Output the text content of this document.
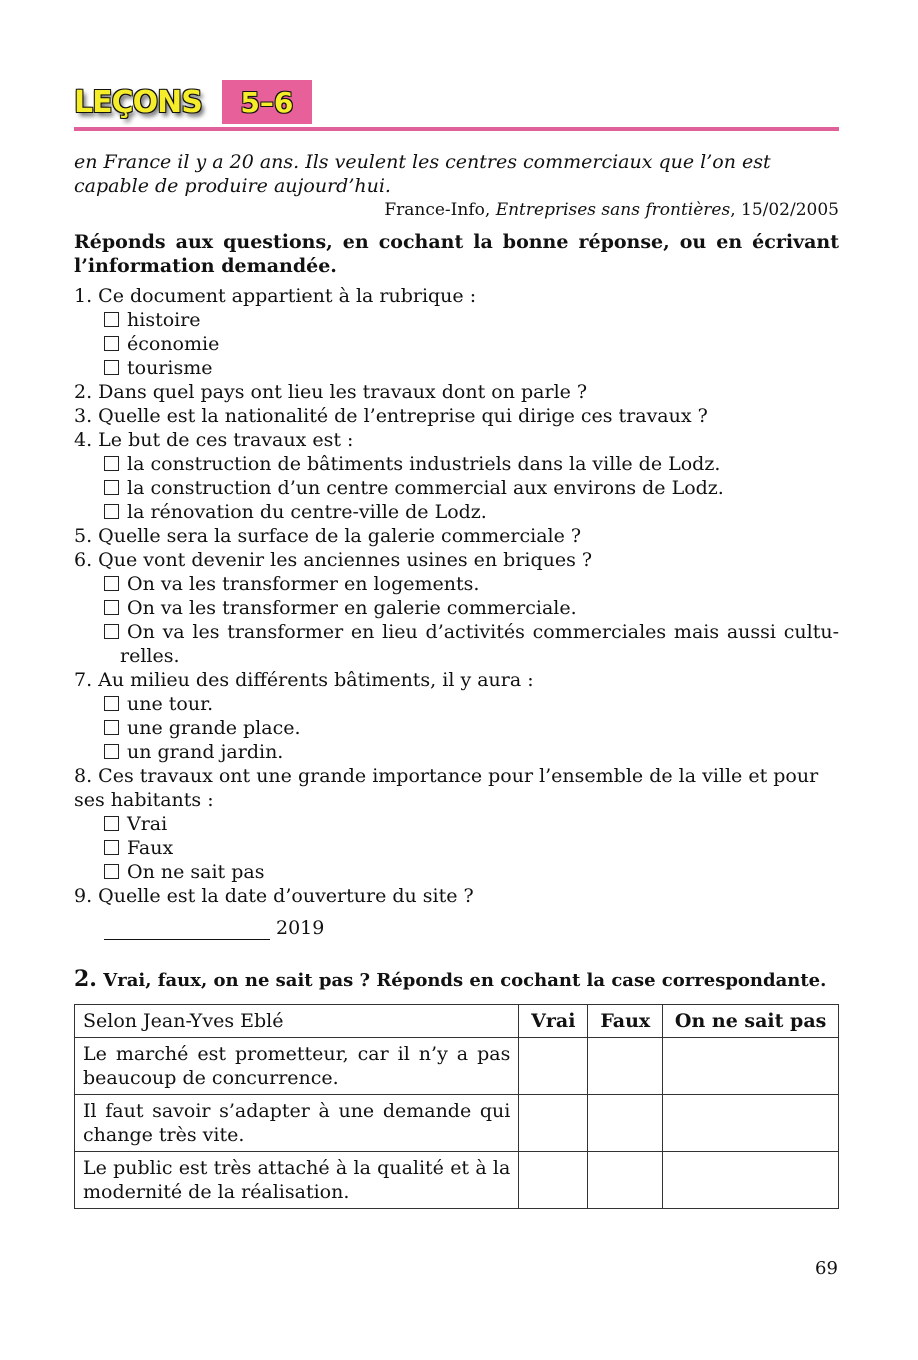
LEÇONS 5–6

en France il y a 20 ans. Ils veulent les centres commerciaux que l’on est capable de produire aujourd’hui.

France-Info, Entreprises sans frontières, 15/02/2005

Réponds aux questions, en cochant la bonne réponse, ou en écrivant l’information demandée.

1. Ce document appartient à la rubrique :

histoire

économie

tourisme

2. Dans quel pays ont lieu les travaux dont on parle ?

3. Quelle est la nationalité de l’entreprise qui dirige ces travaux ?

4. Le but de ces travaux est :

la construction de bâtiments industriels dans la ville de Lodz.

la construction d’un centre commercial aux environs de Lodz.

la rénovation du centre-ville de Lodz.

5. Quelle sera la surface de la galerie commerciale ?

6. Que vont devenir les anciennes usines en briques ?

On va les transformer en logements.

On va les transformer en galerie commerciale.

On va les transformer en lieu d’activités commerciales mais aussi cultu-relles.

7. Au milieu des différents bâtiments, il y aura :

une tour.

une grande place.

un grand jardin.

8. Ces travaux ont une grande importance pour l’ensemble de la ville et pour ses habitants :

Vrai

Faux

On ne sait pas

9. Quelle est la date d’ouverture du site ?

2019

2. Vrai, faux, on ne sait pas ? Réponds en cochant la case correspondante.
Selon Jean-Yves Eblé	Vrai	Faux	On ne sait pas
Le marché est prometteur, car il n’y a pas beaucoup de concurrence.			
Il faut savoir s’adapter à une demande qui change très vite.			
Le public est très attaché à la qualité et à la modernité de la réalisation.			
69
